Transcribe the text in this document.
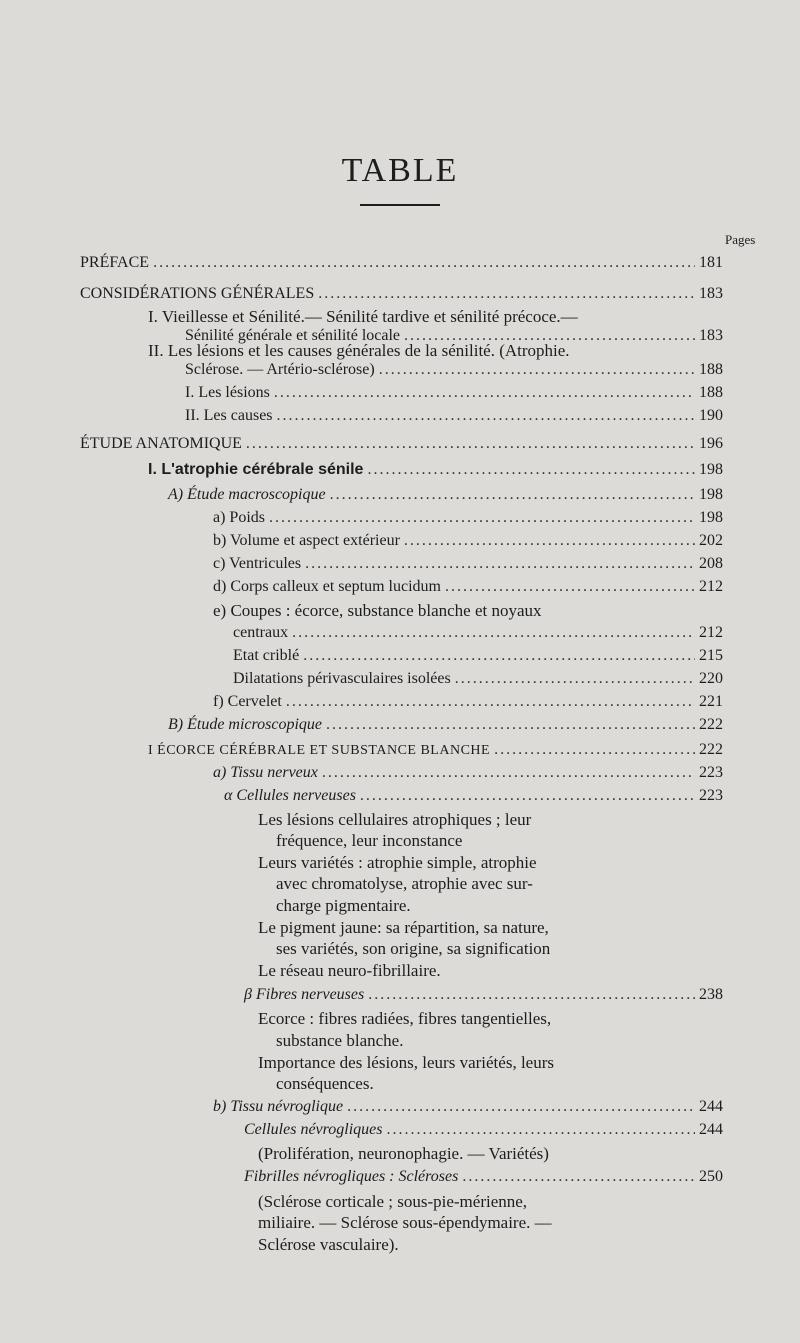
TABLE
Pages
PRÉFACE .....	181
CONSIDÉRATIONS GÉNÉRALES .....	183
I. Vieillesse et Sénilité.— Sénilité tardive et sénilité précoce.—
Sénilité générale et sénilité locale .....	183
II. Les lésions et les causes générales de la sénilité. (Atrophie.
Sclérose. — Artério-sclérose) .....	188
I. Les lésions .....	188
II. Les causes .....	190
ÉTUDE ANATOMIQUE .....	196
I. L'atrophie cérébrale sénile .....	198
A) Étude macroscopique .....	198
a) Poids .....	198
b) Volume et aspect extérieur .....	202
c) Ventricules .....	208
d) Corps calleux et septum lucidum .....	212
e) Coupes : écorce, substance blanche et noyaux
centraux .....	212
Etat criblé .....	215
Dilatations périvasculaires isolées .....	220
f) Cervelet .....	221
B) Étude microscopique .....	222
I ÉCORCE CÉRÉBRALE ET SUBSTANCE BLANCHE .....	222
a) Tissu nerveux .....	223
α Cellules nerveuses .....	223
Les lésions cellulaires atrophiques ; leur
fréquence, leur inconstance
Leurs variétés : atrophie simple, atrophie
avec chromatolyse, atrophie avec sur-
charge pigmentaire.
Le pigment jaune: sa répartition, sa nature,
ses variétés, son origine, sa signification
Le réseau neuro-fibrillaire.
β Fibres nerveuses .....	238
Ecorce : fibres radiées, fibres tangentielles,
substance blanche.
Importance des lésions, leurs variétés, leurs
conséquences.
b) Tissu névroglique .....	244
Cellules névrogliques .....	244
(Prolifération, neuronophagie. — Variétés)
Fibrilles névrogliques : Scléroses .....	250
(Sclérose corticale ; sous-pie-mérienne,
miliaire. — Sclérose sous-épendymaire. —
Sclérose vasculaire).
